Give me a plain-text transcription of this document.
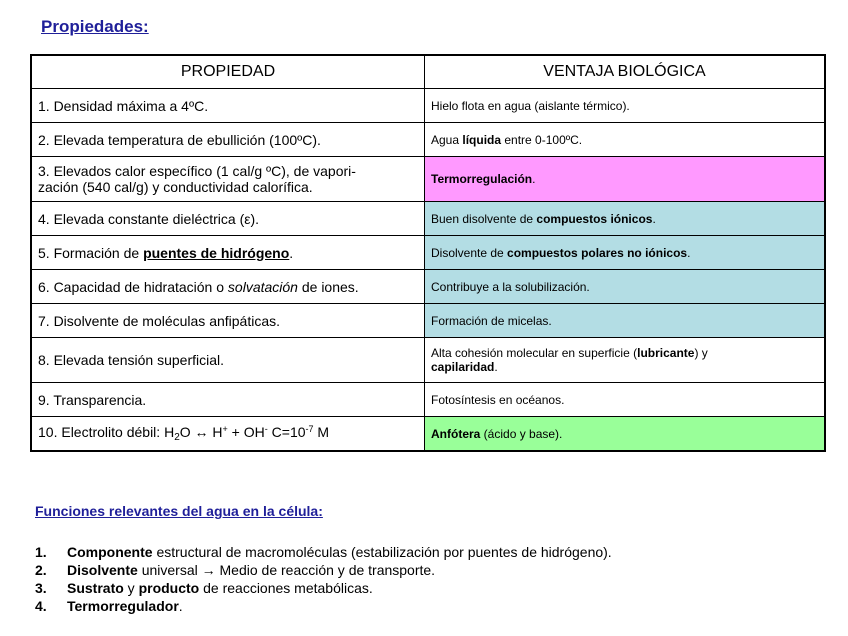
Propiedades:
PROPIEDAD	VENTAJA BIOLÓGICA
1. Densidad máxima a 4ºC.	Hielo flota en agua (aislante térmico).
2. Elevada temperatura de ebullición (100ºC).	Agua líquida entre 0-100ºC.

3. Elevados calor específico (1 cal/g ºC), de vapori-
zación (540 cal/g) y conductividad calorífica.	Termorregulación.
4. Elevada constante dieléctrica (ε).	Buen disolvente de compuestos iónicos.
5. Formación de puentes de hidrógeno.	Disolvente de compuestos polares no iónicos.
6. Capacidad de hidratación o solvatación de iones.	Contribuye a la solubilización.
7. Disolvente de moléculas anfipáticas.	Formación de micelas.
8. Elevada tensión superficial.	Alta cohesión molecular en superficie (lubricante) y
capilaridad.

9. Transparencia.	Fotosíntesis en océanos.
10. Electrolito débil: $H_2O$ ↔ H+ + OH- $C=10^{-7}$ M	Anfótera (ácido y base).
Funciones relevantes del agua en la célula:
1.	Componente estructural de macromoléculas (estabilización por puentes de hidrógeno).
2.	Disolvente universal → Medio de reacción y de transporte.
3.	Sustrato y producto de reacciones metabólicas.
4.	Termorregulador.
